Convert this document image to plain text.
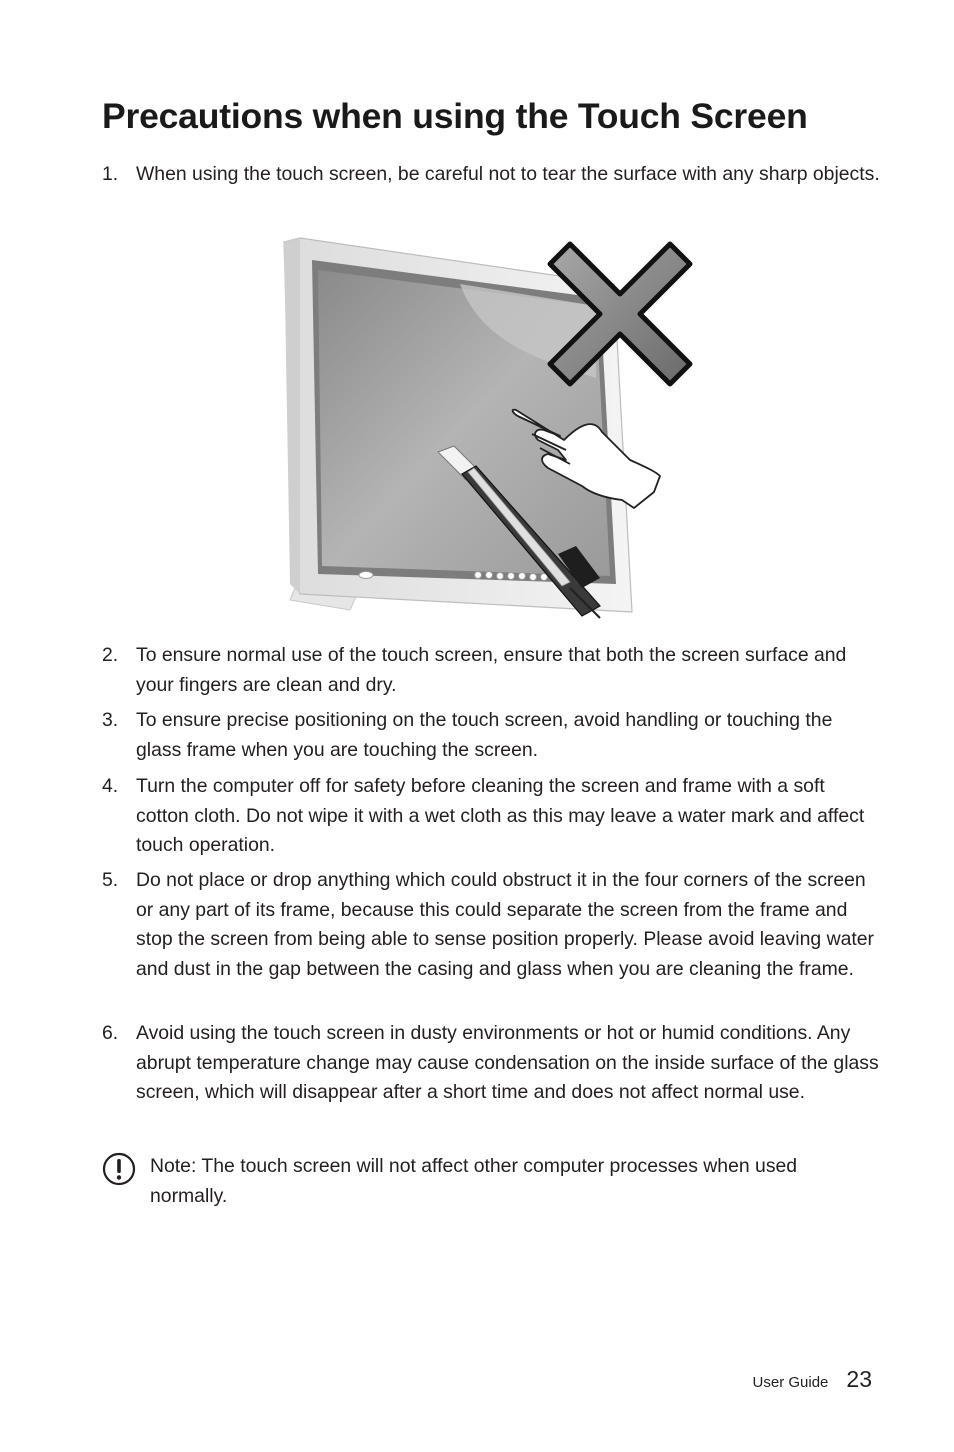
Precautions when using the Touch Screen
1. When using the touch screen, be careful not to tear the surface with any sharp objects.
2. To ensure normal use of the touch screen, ensure that both the screen surface and your fingers are clean and dry.
3. To ensure precise positioning on the touch screen, avoid handling or touching the glass frame when you are touching the screen.
4. Turn the computer off for safety before cleaning the screen and frame with a soft cotton cloth. Do not wipe it with a wet cloth as this may leave a water mark and affect touch operation.
5. Do not place or drop anything which could obstruct it in the four corners of the screen or any part of its frame, because this could separate the screen from the frame and stop the screen from being able to sense position properly. Please avoid leaving water and dust in the gap between the casing and glass when you are cleaning the frame.
6. Avoid using the touch screen in dusty environments or hot or humid conditions. Any abrupt temperature change may cause condensation on the inside surface of the glass screen, which will disappear after a short time and does not affect normal use.
Note: The touch screen will not affect other computer processes when used normally.
User Guide 23
